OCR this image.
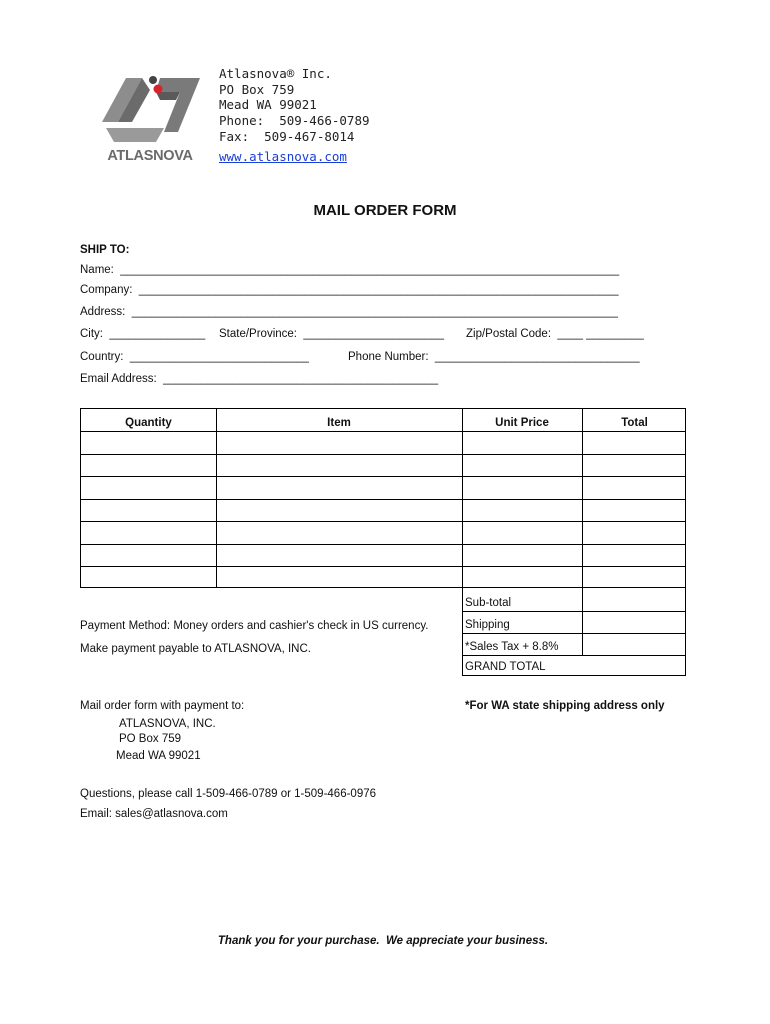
ATLASNOVA
Atlasnova® Inc.
PO Box 759
Mead WA 99021
Phone:  509-466-0789
Fax:  509-467-8014
www.atlasnova.com
MAIL ORDER FORM
SHIP TO:
Name:  ______________________________________________________________________________
Company:  ___________________________________________________________________________
Address:  ____________________________________________________________________________
City:  _______________ State/Province:  ______________________ Zip/Postal Code:  ____ _________
Country:  ____________________________	Phone Number:  ________________________________
Email Address:  ___________________________________________
Quantity	Item	Unit Price	Total
Sub-total
Shipping
*Sales Tax + 8.8%
GRAND TOTAL
Payment Method: Money orders and cashier's check in US currency.
Make payment payable to ATLASNOVA, INC.
Mail order form with payment to:
ATLASNOVA, INC.
PO Box 759
Mead WA 99021
*For WA state shipping address only
Questions, please call 1-509-466-0789 or 1-509-466-0976
Email: sales@atlasnova.com
Thank you for your purchase.  We appreciate your business.
